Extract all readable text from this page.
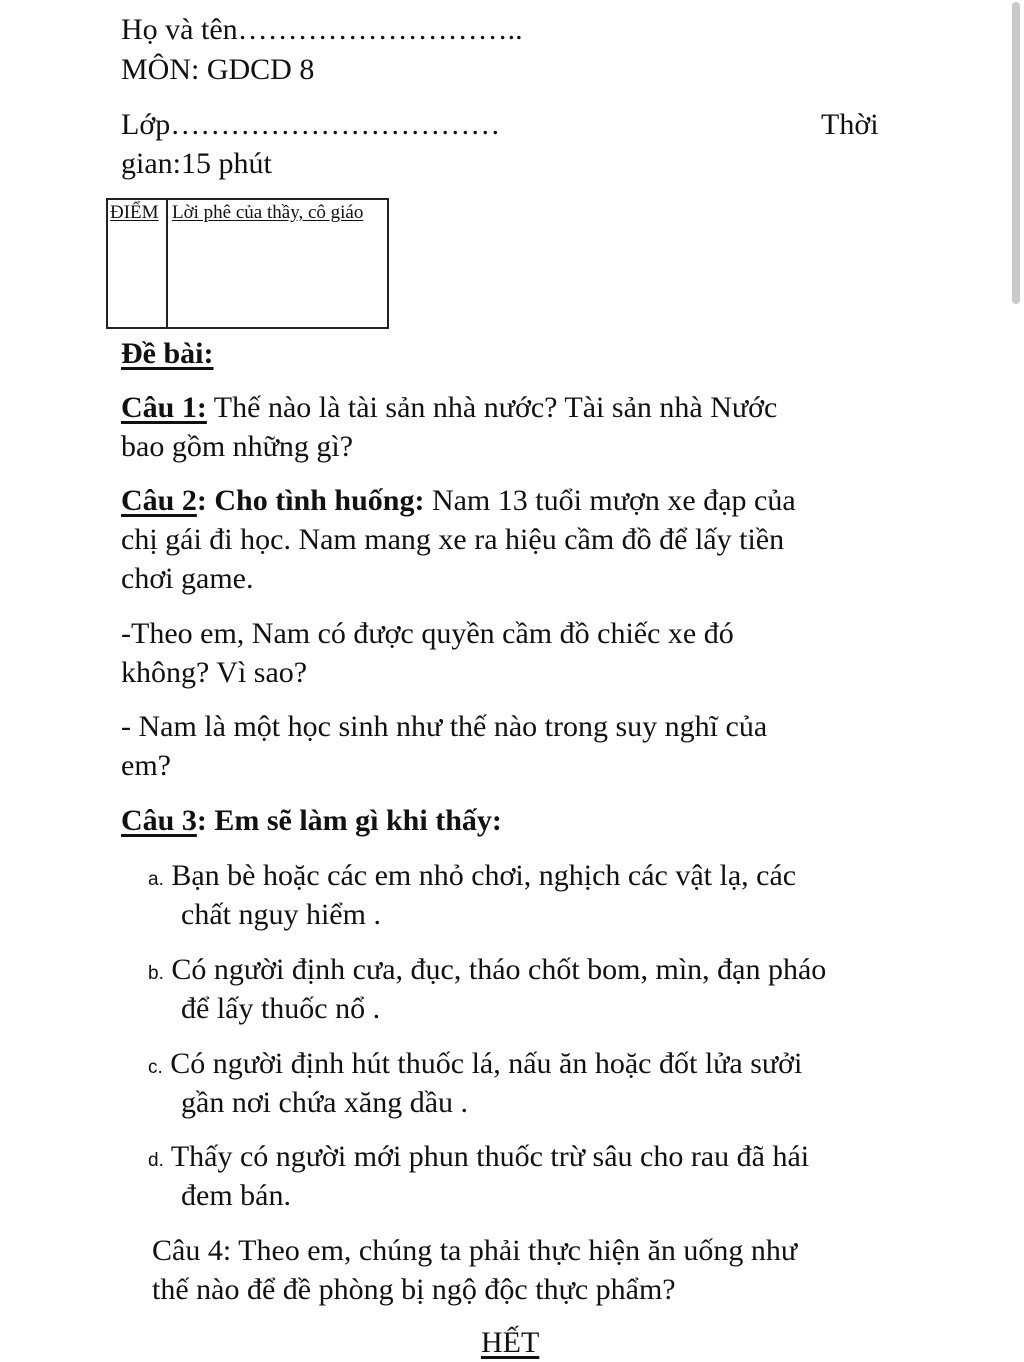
Họ và tên………………………..
MÔN: GDCD 8
Lớp……………………………	Thời
gian:15 phút
ĐIỂM Lời phê của thầy, cô giáo
Đề bài:
Câu 1: Thế nào là tài sản nhà nước? Tài sản nhà Nước
bao gồm những gì?
Câu 2: Cho tình huống: Nam 13 tuổi mượn xe đạp của
chị gái đi học. Nam mang xe ra hiệu cầm đồ để lấy tiền
chơi game.
-Theo em, Nam có được quyền cầm đồ chiếc xe đó
không? Vì sao?
- Nam là một học sinh như thế nào trong suy nghĩ của
em?
Câu 3: Em sẽ làm gì khi thấy:
a. Bạn bè hoặc các em nhỏ chơi, nghịch các vật lạ, các
chất nguy hiểm .
b. Có người định cưa, đục, tháo chốt bom, mìn, đạn pháo
để lấy thuốc nổ .
c. Có người định hút thuốc lá, nấu ăn hoặc đốt lửa sưởi
gần nơi chứa xăng dầu .
d. Thấy có người mới phun thuốc trừ sâu cho rau đã hái
đem bán.
Câu 4: Theo em, chúng ta phải thực hiện ăn uống như
thế nào để đề phòng bị ngộ độc thực phẩm?
HẾT
